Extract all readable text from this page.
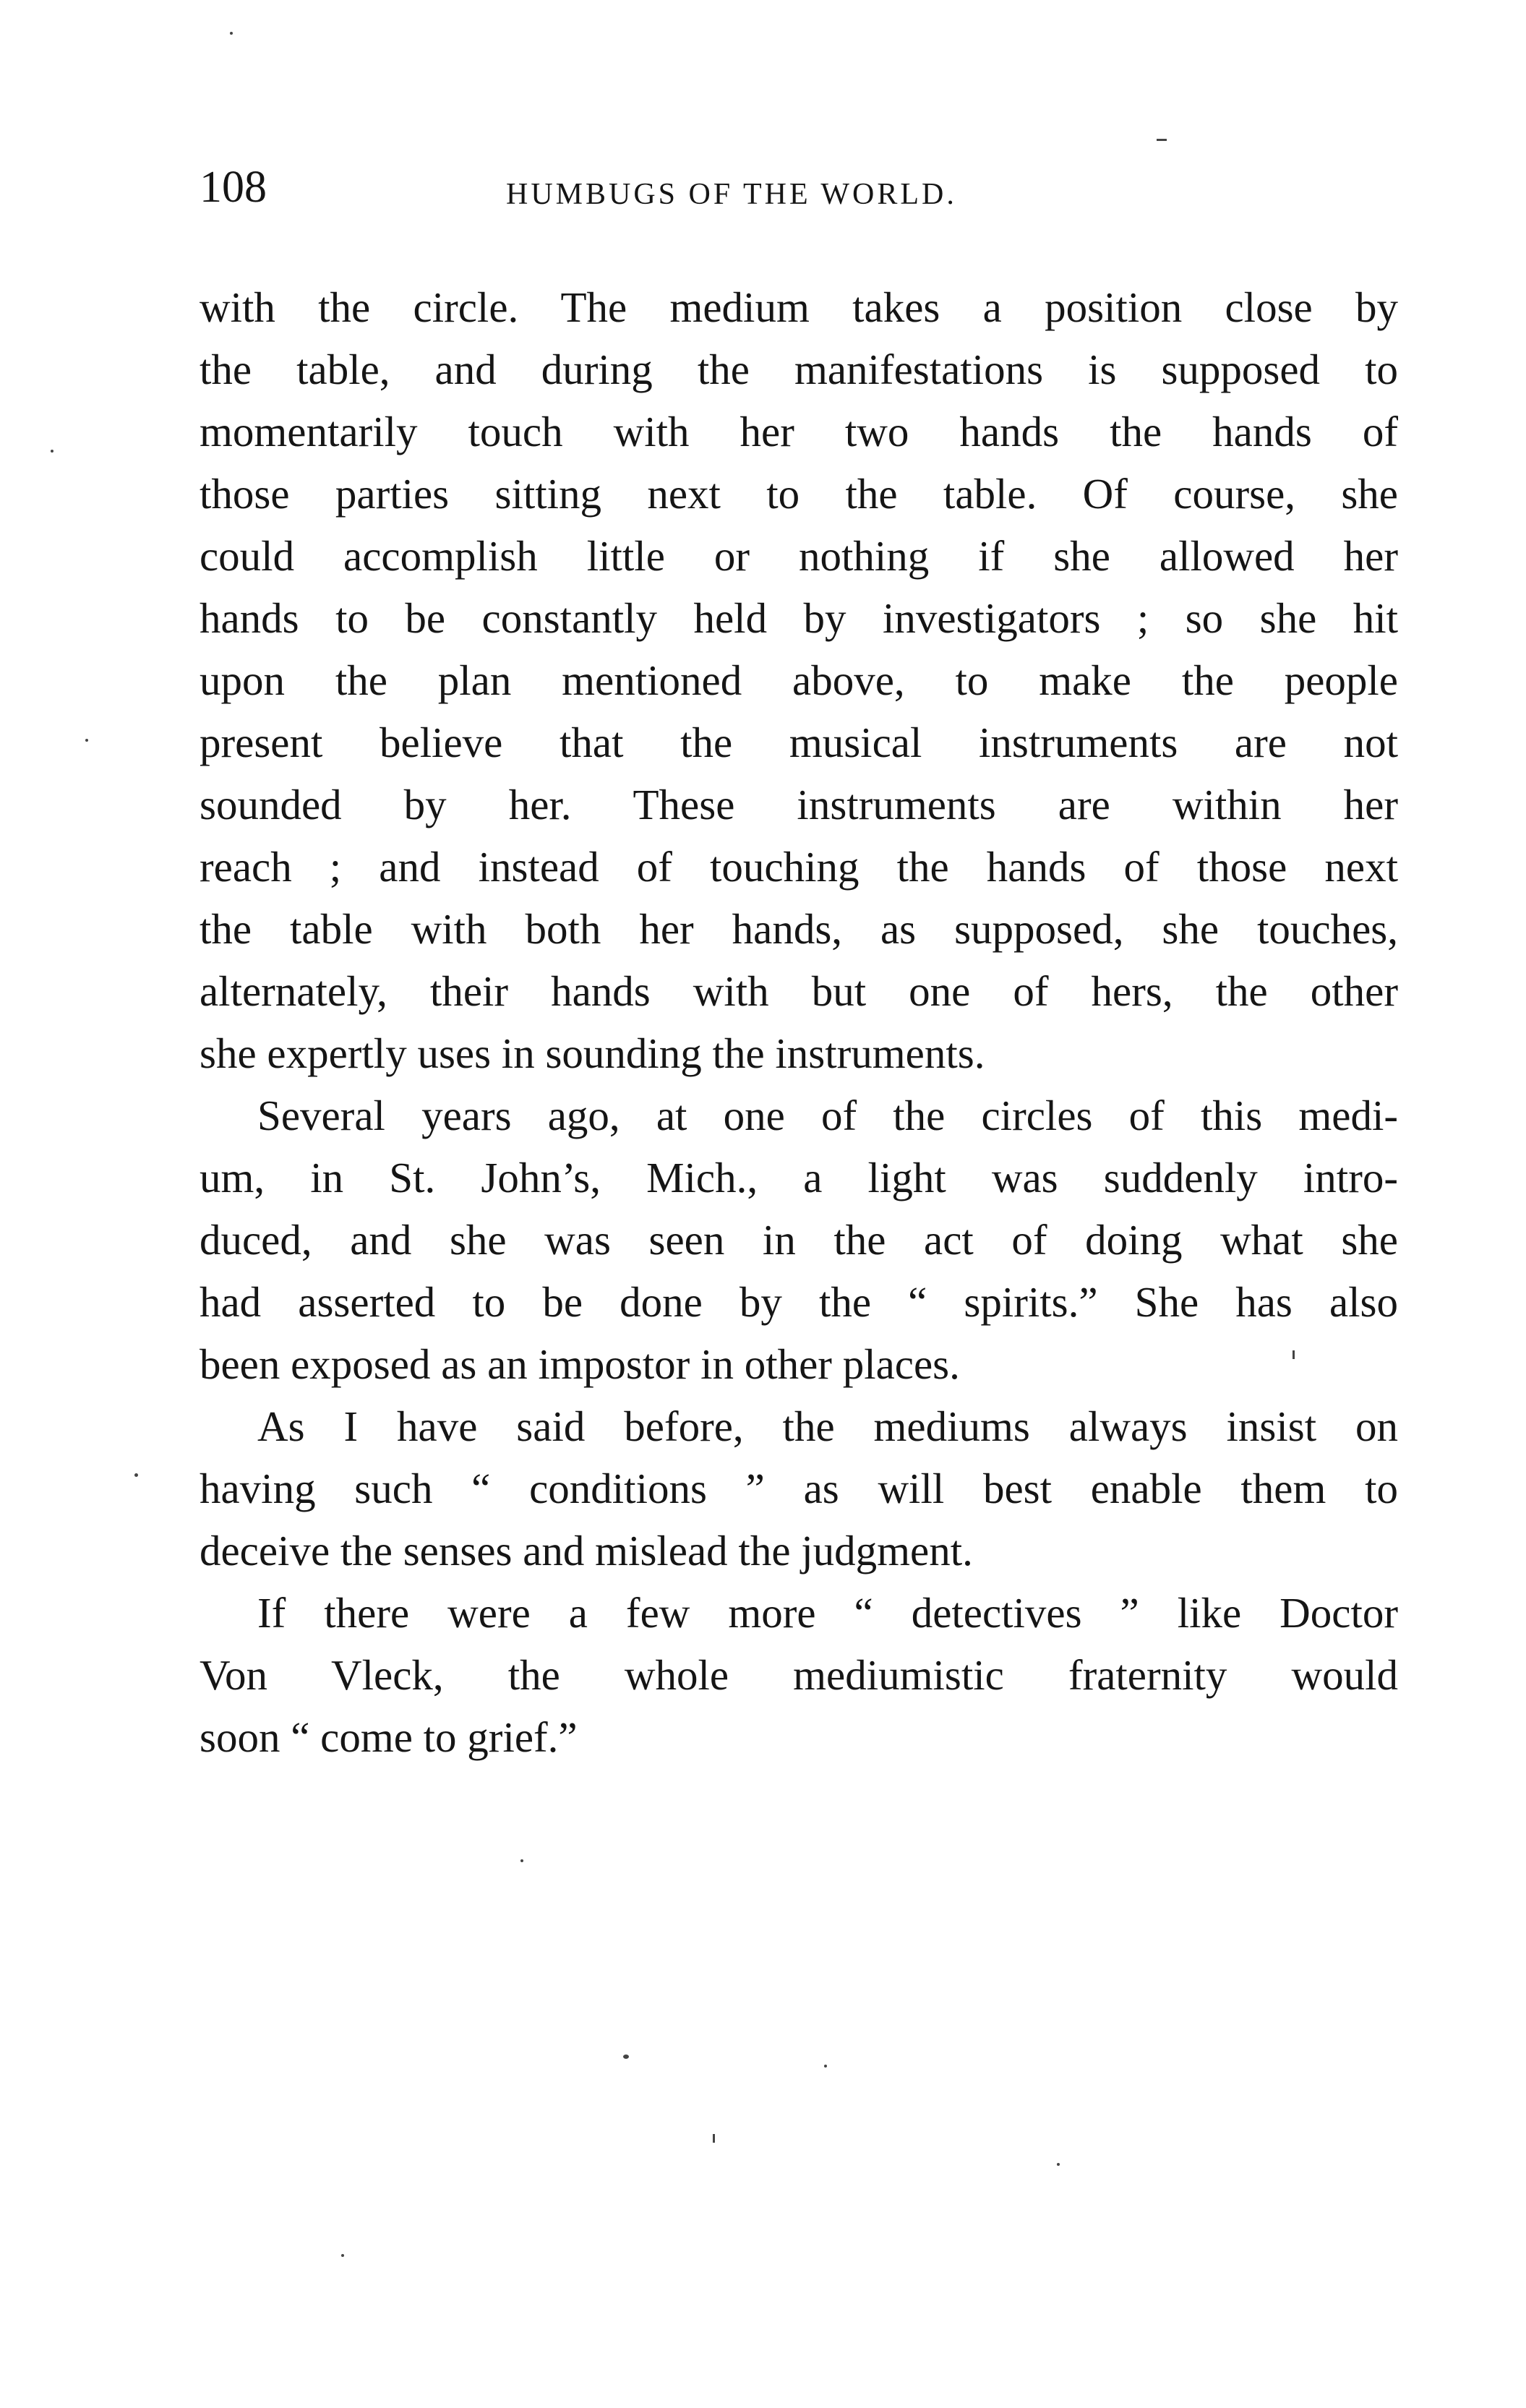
108	HUMBUGS OF THE WORLD.
with the circle. The medium takes a position close by
the table, and during the manifestations is supposed to
momentarily touch with her two hands the hands of
those parties sitting next to the table. Of course, she
could accomplish little or nothing if she allowed her
hands to be constantly held by investigators ; so she hit
upon the plan mentioned above, to make the people
present believe that the musical instruments are not
sounded by her. These instruments are within her
reach ; and instead of touching the hands of those next
the table with both her hands, as supposed, she touches,
alternately, their hands with but one of hers, the other
she expertly uses in sounding the instruments.
Several years ago, at one of the circles of this medi-
um, in St. John’s, Mich., a light was suddenly intro-
duced, and she was seen in the act of doing what she
had asserted to be done by the “ spirits.” She has also
been exposed as an impostor in other places.
As I have said before, the mediums always insist on
having such “ conditions ” as will best enable them to
deceive the senses and mislead the judgment.
If there were a few more “ detectives ” like Doctor
Von Vleck, the whole mediumistic fraternity would
soon “ come to grief.”
